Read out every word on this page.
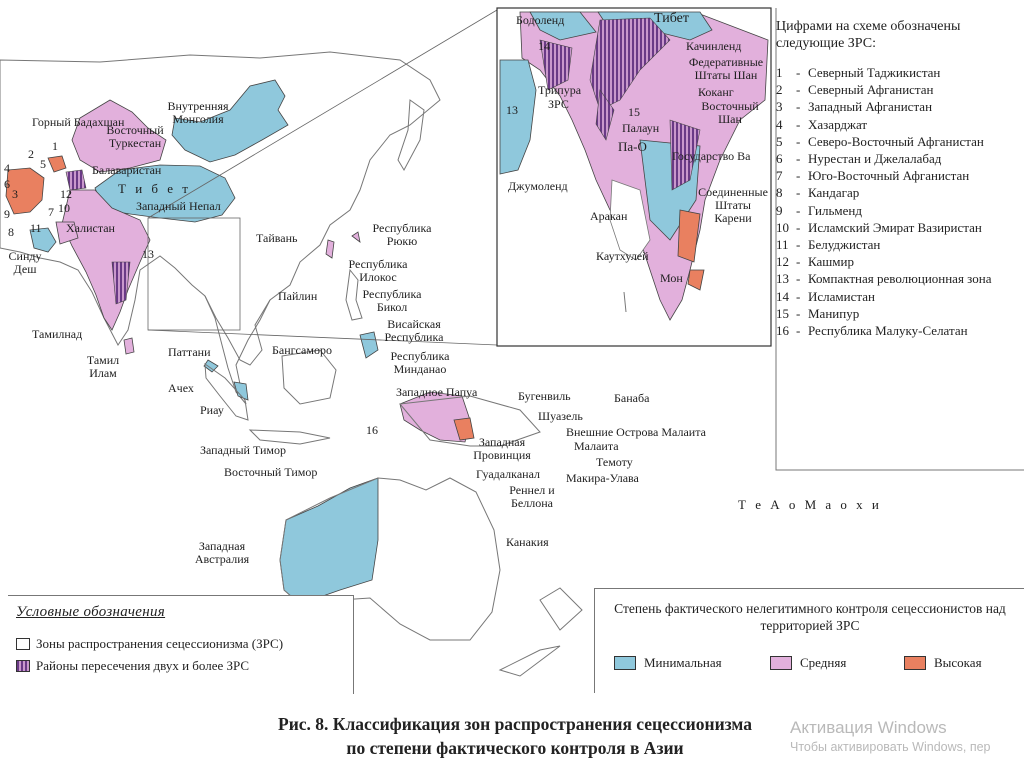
Горный Бадахшан
Восточный Туркестан
Балаваристан
Внутренняя Монголия
Т и б е т
Западный Непал
Халистан
Синду Деш
Тамилнад
Тамил Илам
Тайвань
Республика Рюкю
Республика Илокос
Пайлин	Республика Бикол
Висайская Республика
Бангсаморо	Республика Минданао
Паттани
Ачех
Риау
Западное Папуа	Бугенвиль	Банаба
Шуазель
Внешние Острова Малаита
Западная Провинция
Малаита
Темоту
Гуадалканал Макира-Улава
Реннел и Беллона
Западный Тимор
Восточный Тимор
Западная Австралия
Канакия
Т е А о М а о х и
1
2
3
4	5
6
7
8
9	10
11
12
13
13
14
15
16
Бодоленд	Тибет
Качинленд
Федеративные Штаты Шан
Трипура
ЗРС
Коканг
Восточный Шан
Палаун
Па-О
Государство Ва
Джумоленд	Соединенные Штаты Карени
Аракан
Каутхулей
Мон
Цифрами на схеме обозначены следующие ЗРС:
1	- Северный Таджикистан
2	- Северный Афганистан
3	- Западный Афганистан
4	- Хазарджат
5	- Северо-Восточный Афганистан
6	- Нурестан и Джелалабад
7	- Юго-Восточный Афганистан
8	- Кандагар
9	- Гильменд
10 - Исламский Эмират Вазиристан
11 - Белуджистан
12 - Кашмир
13 - Компактная революционная зона
14 - Исламистан
15 - Манипур
16 - Республика Малуку-Селатан
Условные обозначения
Зоны распространения сецессионизма (ЗРС)
Районы пересечения двух и более ЗРС
Степень фактического нелегитимного контроля сецессионистов над территорией ЗРС
Минимальная	Средняя	Высокая
Рис. 8. Классификация зон распространения сецессионизма
по степени фактического контроля в Азии
Активация Windows
Чтобы активировать Windows, пер
